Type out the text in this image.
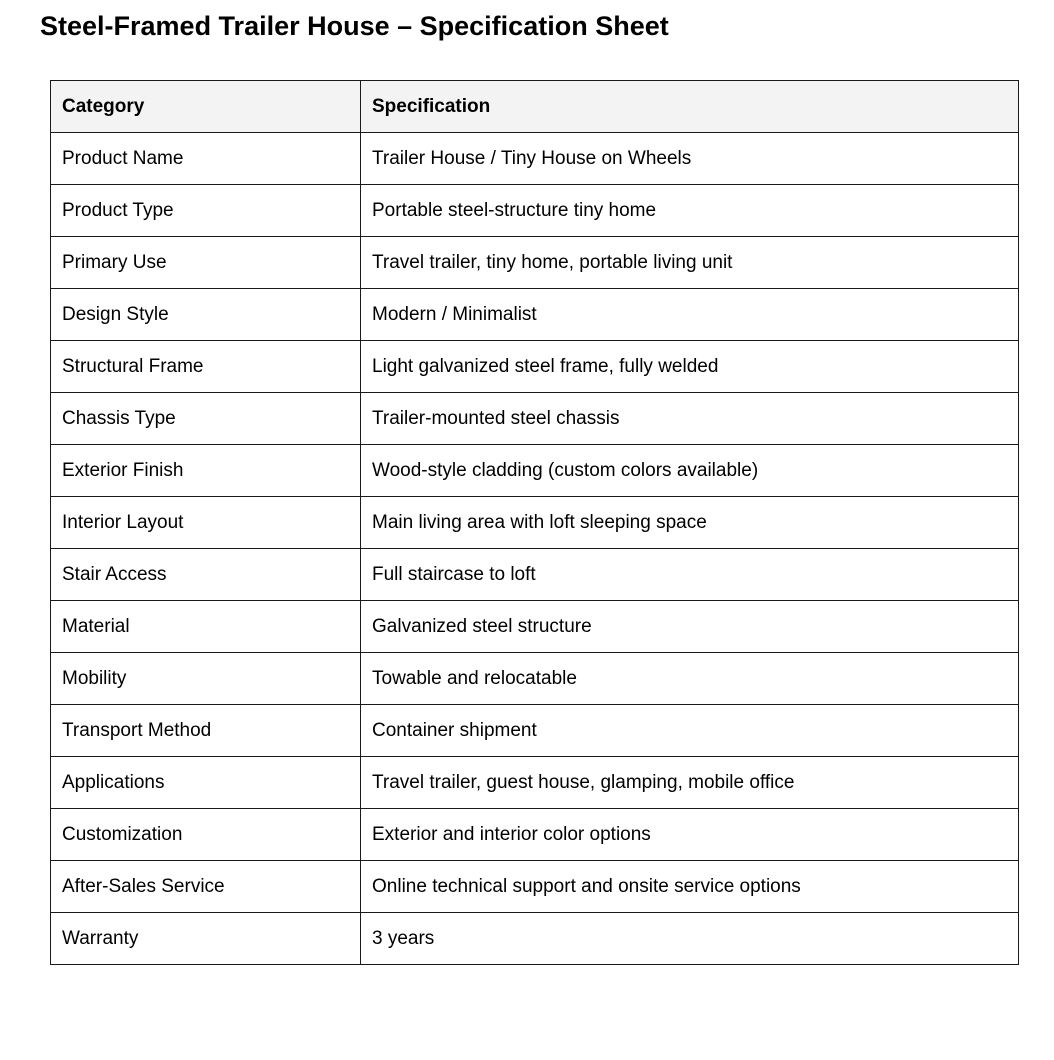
Steel-Framed Trailer House – Specification Sheet
Category	Specification
Product Name	Trailer House / Tiny House on Wheels
Product Type	Portable steel-structure tiny home
Primary Use	Travel trailer, tiny home, portable living unit
Design Style	Modern / Minimalist
Structural Frame	Light galvanized steel frame, fully welded
Chassis Type	Trailer-mounted steel chassis
Exterior Finish	Wood-style cladding (custom colors available)
Interior Layout	Main living area with loft sleeping space
Stair Access	Full staircase to loft
Material	Galvanized steel structure
Mobility	Towable and relocatable
Transport Method	Container shipment
Applications	Travel trailer, guest house, glamping, mobile office
Customization	Exterior and interior color options
After-Sales Service	Online technical support and onsite service options
Warranty	3 years
